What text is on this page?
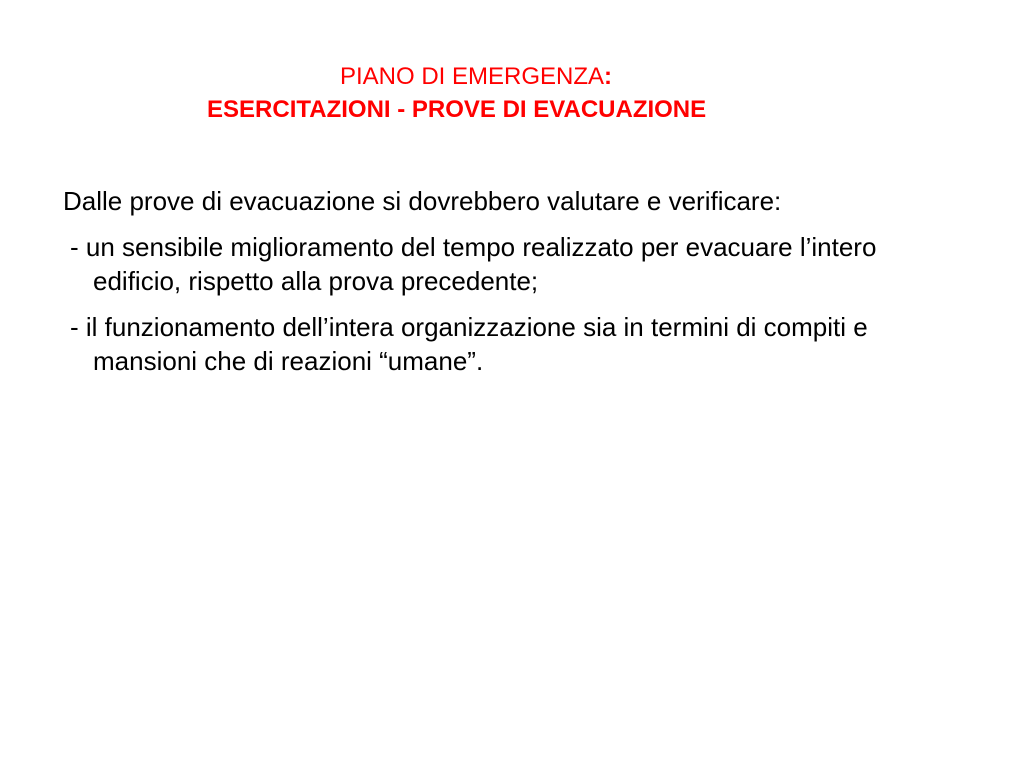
PIANO DI EMERGENZA:
ESERCITAZIONI - PROVE DI EVACUAZIONE

Dalle prove di evacuazione si dovrebbero valutare e verificare:

- un sensibile miglioramento del tempo realizzato per evacuare l’intero edificio, rispetto alla prova precedente;

- il funzionamento dell’intera organizzazione sia in termini di compiti e mansioni che di reazioni “umane”.
